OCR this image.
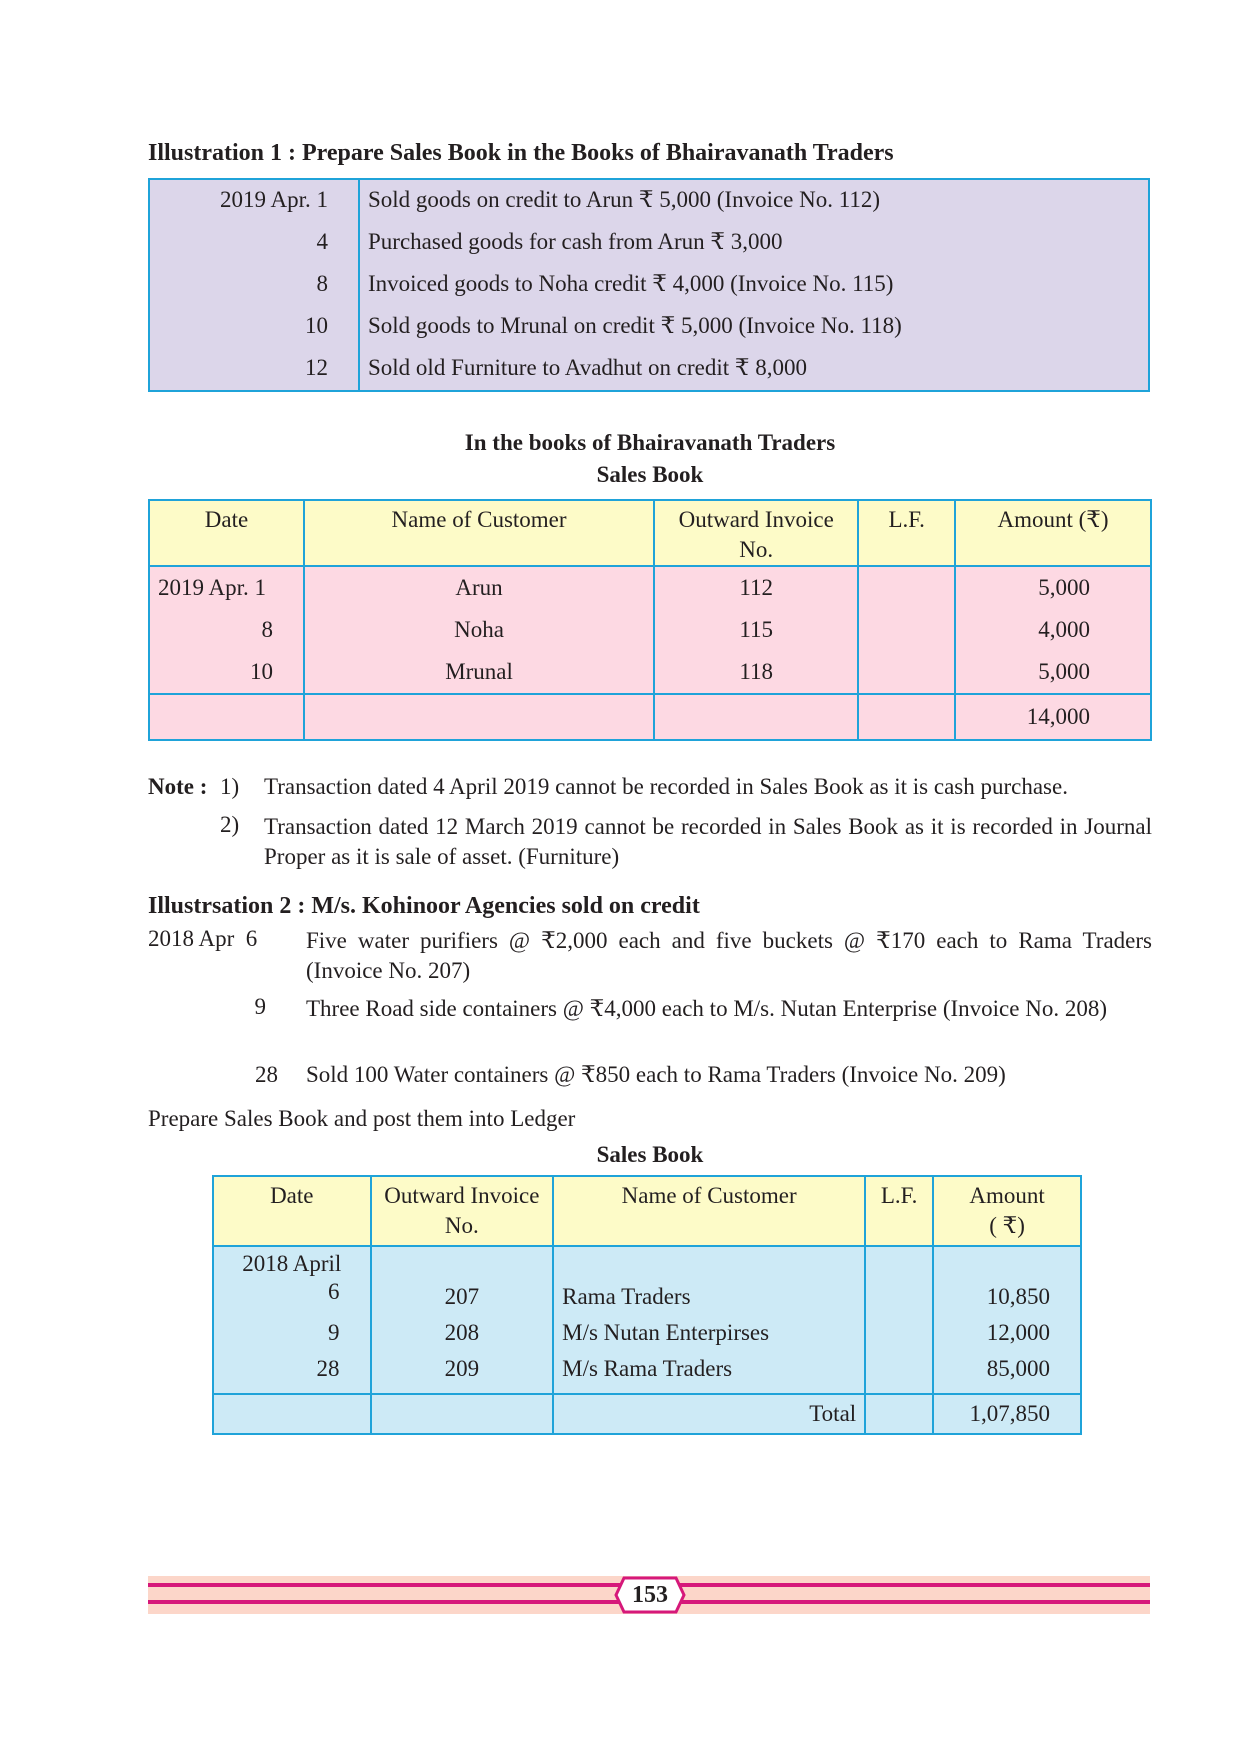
Illustration 1 : Prepare Sales Book in the Books of Bhairavanath Traders
2019 Apr. 1	Sold goods on credit to Arun ₹ 5,000 (Invoice No. 112)
4	Purchased goods for cash from Arun ₹ 3,000
8	Invoiced goods to Noha credit ₹ 4,000 (Invoice No. 115)
10	Sold goods to Mrunal on credit ₹ 5,000 (Invoice No. 118)
12	Sold old Furniture to Avadhut on credit ₹ 8,000
In the books of Bhairavanath Traders
Sales Book
Date	Name of Customer	Outward Invoice No.	L.F.	Amount (₹)
2019 Apr. 1	Arun	112		5,000
8	Noha	115		4,000
10	Mrunal	118		5,000
				14,000
Note : 1) Transaction dated 4 April 2019 cannot be recorded in Sales Book as it is cash purchase.
2) Transaction dated 12 March 2019 cannot be recorded in Sales Book as it is recorded in Journal Proper as it is sale of asset. (Furniture)
Illustrsation 2 : M/s. Kohinoor Agencies sold on credit
2018 Apr  6 Five water purifiers @ ₹2,000 each and five buckets @ ₹170 each to Rama Traders (Invoice No. 207)
9 Three Road side containers @ ₹4,000 each to M/s. Nutan Enterprise (Invoice No. 208)
28 Sold 100 Water containers @ ₹850 each to Rama Traders (Invoice No. 209)
Prepare Sales Book and post them into Ledger
Sales Book
Date	Outward Invoice No.	Name of Customer	L.F.	Amount
( ₹)

2018 April				
6	207	Rama Traders		10,850
9	208	M/s Nutan Enterpirses		12,000
28	209	M/s Rama Traders		85,000
		Total		1,07,850
153
